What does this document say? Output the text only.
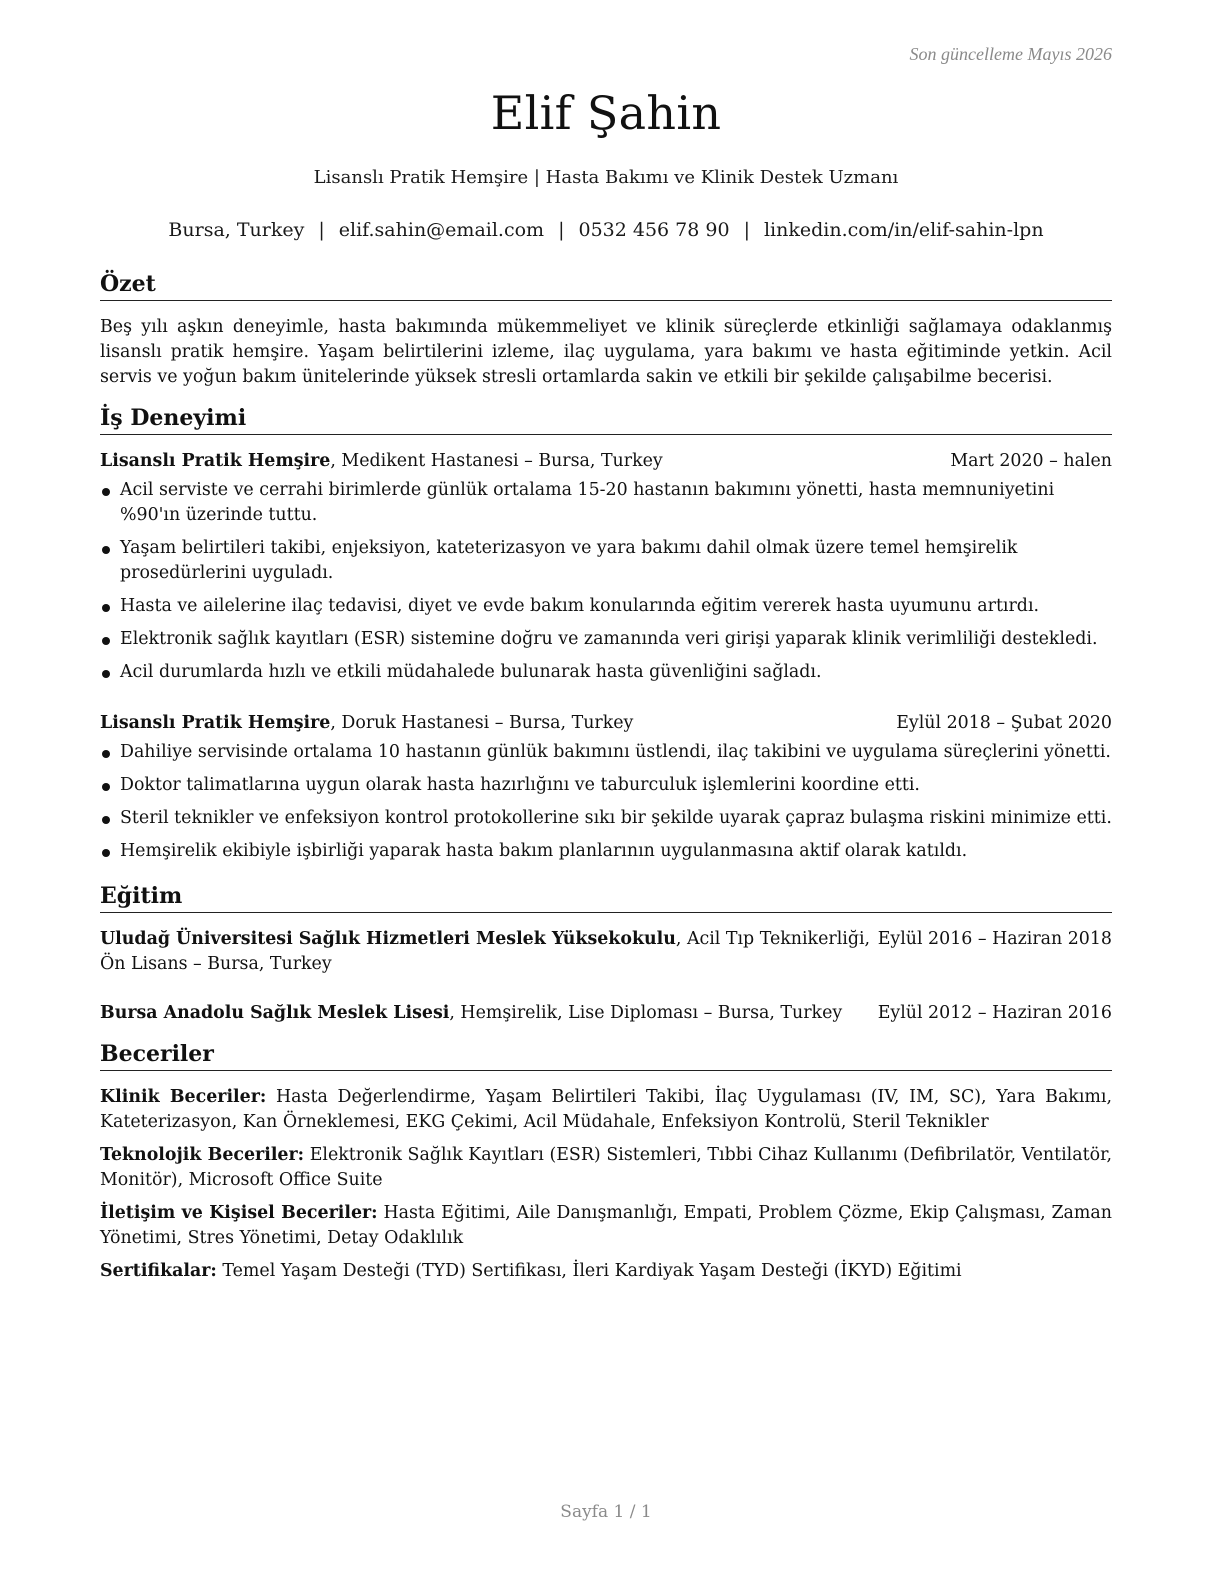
Son güncelleme Mayıs 2026
Elif Şahin
Lisanslı Pratik Hemşire | Hasta Bakımı ve Klinik Destek Uzmanı
Bursa, Turkey | elif.sahin@email.com | 0532 456 78 90 | linkedin.com/in/elif-sahin-lpn
Özet
Beş yılı aşkın deneyimle, hasta bakımında mükemmeliyet ve klinik süreçlerde etkinliği sağlamaya odaklanmış lisanslı pratik hemşire. Yaşam belirtilerini izleme, ilaç uygulama, yara bakımı ve hasta eğitiminde yetkin. Acil servis ve yoğun bakım ünitelerinde yüksek stresli ortamlarda sakin ve etkili bir şekilde çalışabilme becerisi.
İş Deneyimi
Lisanslı Pratik Hemşire, Medikent Hastanesi – Bursa, Turkey	Mart 2020 – halen
Acil serviste ve cerrahi birimlerde günlük ortalama 15-20 hastanın bakımını yönetti, hasta memnuniyetini %90'ın üzerinde tuttu.
Yaşam belirtileri takibi, enjeksiyon, kateterizasyon ve yara bakımı dahil olmak üzere temel hemşirelik prosedürlerini uyguladı.
Hasta ve ailelerine ilaç tedavisi, diyet ve evde bakım konularında eğitim vererek hasta uyumunu artırdı.
Elektronik sağlık kayıtları (ESR) sistemine doğru ve zamanında veri girişi yaparak klinik verimliliği destekledi.
Acil durumlarda hızlı ve etkili müdahalede bulunarak hasta güvenliğini sağladı.
Lisanslı Pratik Hemşire, Doruk Hastanesi – Bursa, Turkey	Eylül 2018 – Şubat 2020
Dahiliye servisinde ortalama 10 hastanın günlük bakımını üstlendi, ilaç takibini ve uygulama süreçlerini yönetti.
Doktor talimatlarına uygun olarak hasta hazırlığını ve taburculuk işlemlerini koordine etti.
Steril teknikler ve enfeksiyon kontrol protokollerine sıkı bir şekilde uyarak çapraz bulaşma riskini minimize etti.
Hemşirelik ekibiyle işbirliği yaparak hasta bakım planlarının uygulanmasına aktif olarak katıldı.
Eğitim
Uludağ Üniversitesi Sağlık Hizmetleri Meslek Yüksekokulu, Acil Tıp Teknikerliği, Ön Lisans – Bursa, Turkey
Eylül 2016 – Haziran 2018
Bursa Anadolu Sağlık Meslek Lisesi, Hemşirelik, Lise Diploması – Bursa, Turkey	Eylül 2012 – Haziran 2016
Beceriler
Klinik Beceriler: Hasta Değerlendirme, Yaşam Belirtileri Takibi, İlaç Uygulaması (IV, IM, SC), Yara Bakımı, Kateterizasyon, Kan Örneklemesi, EKG Çekimi, Acil Müdahale, Enfeksiyon Kontrolü, Steril Teknikler
Teknolojik Beceriler: Elektronik Sağlık Kayıtları (ESR) Sistemleri, Tıbbi Cihaz Kullanımı (Defibrilatör, Ventilatör, Monitör), Microsoft Office Suite
İletişim ve Kişisel Beceriler: Hasta Eğitimi, Aile Danışmanlığı, Empati, Problem Çözme, Ekip Çalışması, Zaman Yönetimi, Stres Yönetimi, Detay Odaklılık
Sertifikalar: Temel Yaşam Desteği (TYD) Sertifikası, İleri Kardiyak Yaşam Desteği (İKYD) Eğitimi
Sayfa 1 / 1
